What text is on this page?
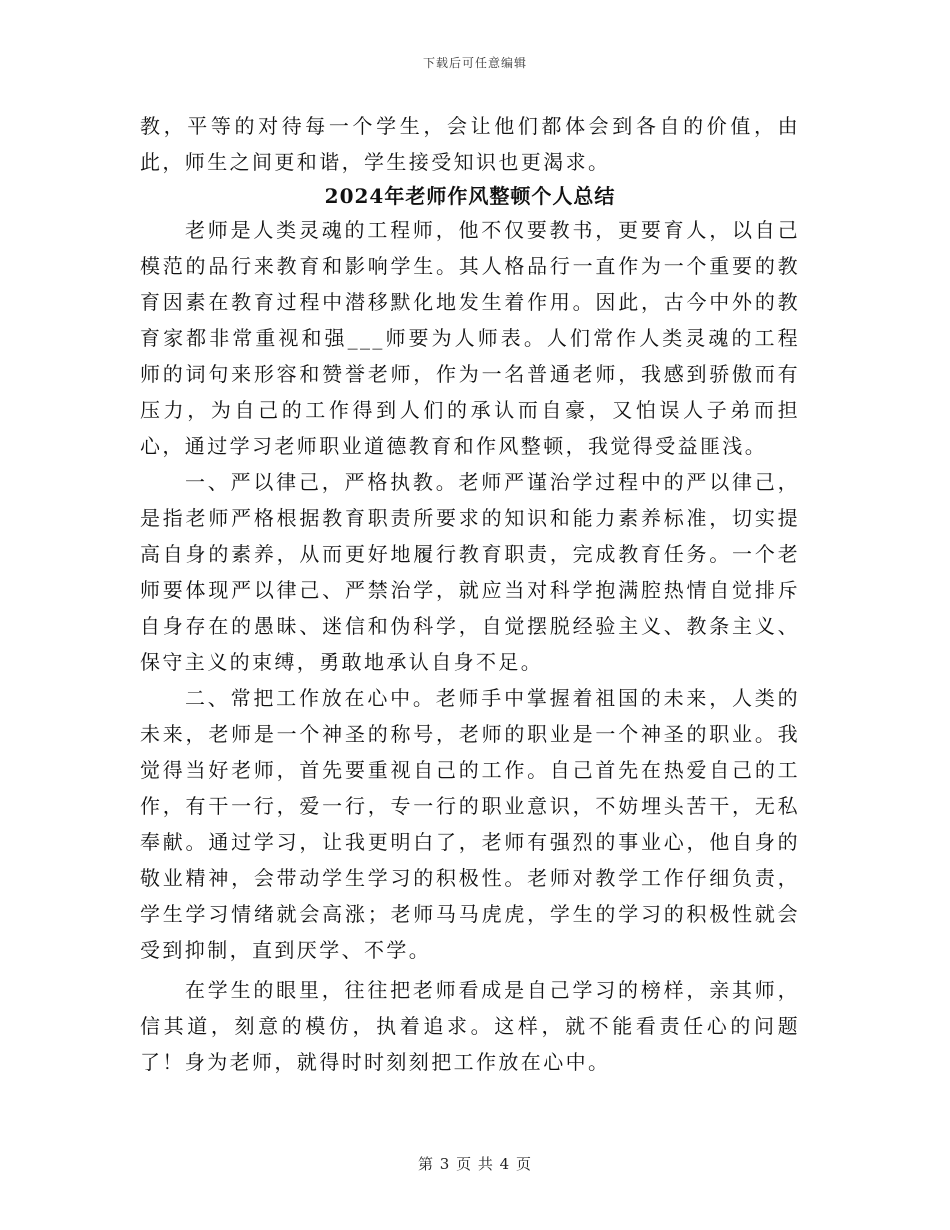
下载后可任意编辑

教，平等的对待每一个学生，会让他们都体会到各自的价值，由此，师生之间更和谐，学生接受知识也更渴求。

2024年老师作风整顿个人总结

老师是人类灵魂的工程师，他不仅要教书，更要育人，以自己模范的品行来教育和影响学生。其人格品行一直作为一个重要的教育因素在教育过程中潜移默化地发生着作用。因此，古今中外的教育家都非常重视和强___师要为人师表。人们常作人类灵魂的工程师的词句来形容和赞誉老师，作为一名普通老师，我感到骄傲而有压力，为自己的工作得到人们的承认而自豪，又怕误人子弟而担心，通过学习老师职业道德教育和作风整顿，我觉得受益匪浅。

一、严以律己，严格执教。老师严谨治学过程中的严以律己，是指老师严格根据教育职责所要求的知识和能力素养标准，切实提高自身的素养，从而更好地履行教育职责，完成教育任务。一个老师要体现严以律己、严禁治学，就应当对科学抱满腔热情自觉排斥自身存在的愚昧、迷信和伪科学，自觉摆脱经验主义、教条主义、保守主义的束缚，勇敢地承认自身不足。

二、常把工作放在心中。老师手中掌握着祖国的未来，人类的未来，老师是一个神圣的称号，老师的职业是一个神圣的职业。我觉得当好老师，首先要重视自己的工作。自己首先在热爱自己的工作，有干一行，爱一行，专一行的职业意识，不妨埋头苦干，无私奉献。通过学习，让我更明白了，老师有强烈的事业心，他自身的敬业精神，会带动学生学习的积极性。老师对教学工作仔细负责，学生学习情绪就会高涨；老师马马虎虎，学生的学习的积极性就会受到抑制，直到厌学、不学。

在学生的眼里，往往把老师看成是自己学习的榜样，亲其师，信其道，刻意的模仿，执着追求。这样，就不能看责任心的问题了！身为老师，就得时时刻刻把工作放在心中。

第 3 页 共 4 页
